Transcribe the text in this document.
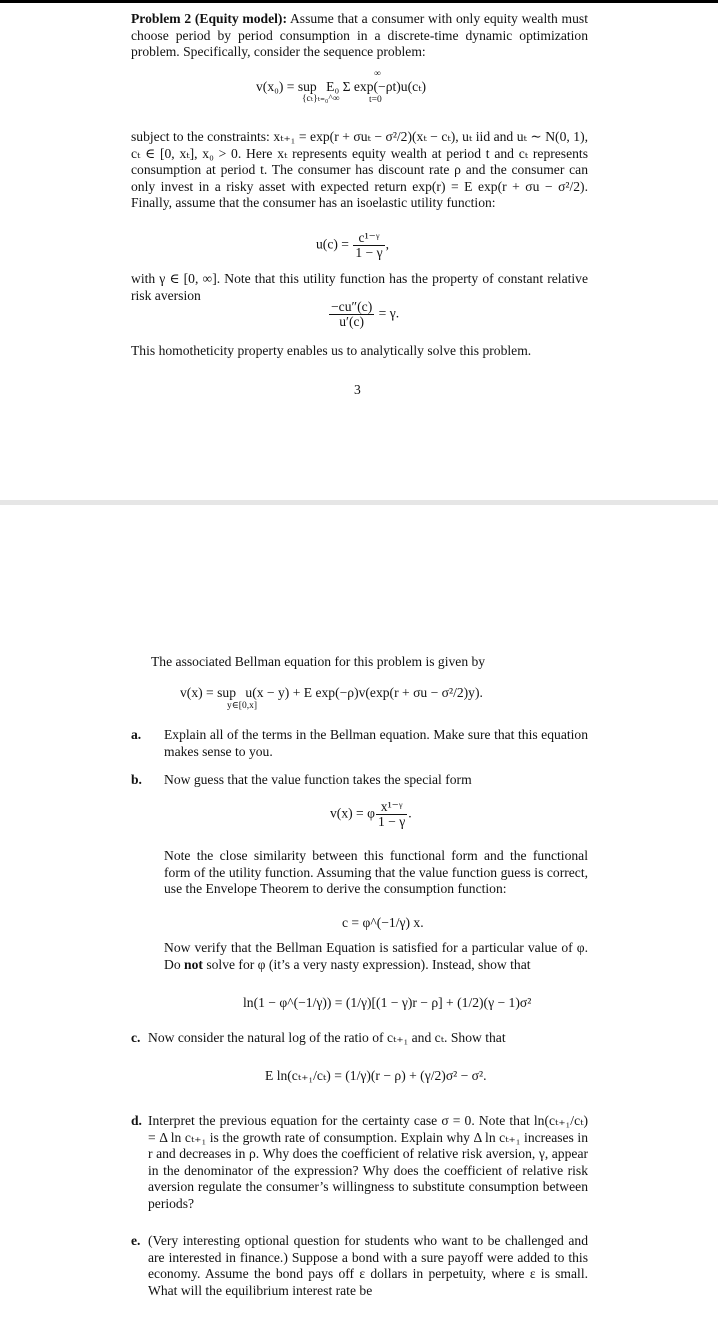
Problem 2 (Equity model): Assume that a consumer with only equity wealth must choose period by period consumption in a discrete-time dynamic optimization problem. Specifically, consider the sequence problem:
v(x₀) = sup
{cₜ}ₜ₌₀^∞
E₀ Σ exp(−ρt)u(cₜ)
∞
t=0
subject to the constraints: xₜ₊₁ = exp(r + σuₜ − σ²/2)(xₜ − cₜ), uₜ iid and uₜ ∼ N(0, 1), cₜ ∈ [0, xₜ], x₀ > 0. Here xₜ represents equity wealth at period t and cₜ represents consumption at period t. The consumer has discount rate ρ and the consumer can only invest in a risky asset with expected return exp(r) = E exp(r + σu − σ²/2). Finally, assume that the consumer has an isoelastic utility function:
$u(c) = \frac{\text{c¹⁻ᵞ}}{1 - \gamma}$ ,
with γ ∈ [0, ∞]. Note that this utility function has the property of constant relative risk aversion
$\frac{-cu''(c)}{u'(c)} = \gamma$.
This homotheticity property enables us to analytically solve this problem.
3
The associated Bellman equation for this problem is given by
v(x) = sup
y∈[0,x]
u(x − y) + E exp(−ρ)v(exp(r + σu − σ²/2)y).
a.	Explain all of the terms in the Bellman equation. Make sure that this equation makes sense to you.
b.	Now guess that the value function takes the special form
v(x) = φ $\frac{\text{x¹⁻ᵞ}}{1 - \gamma}$ .
Note the close similarity between this functional form and the functional form of the utility function. Assuming that the value function guess is correct, use the Envelope Theorem to derive the consumption function:
c = φ^(−1/γ) x.
Now verify that the Bellman Equation is satisfied for a particular value of φ. Do not solve for φ (it’s a very nasty expression). Instead, show that
ln(1 − φ^(−1/γ)) = (1/γ)[(1 − γ)r − ρ] + (1/2)(γ − 1)σ²
c. Now consider the natural log of the ratio of cₜ₊₁ and cₜ. Show that
E ln(cₜ₊₁/cₜ) = (1/γ)(r − ρ) + (γ/2)σ² − σ².
d. Interpret the previous equation for the certainty case σ = 0. Note that ln(cₜ₊₁/cₜ) = Δ ln cₜ₊₁ is the growth rate of consumption. Explain why Δ ln cₜ₊₁ increases in r and decreases in ρ. Why does the coefficient of relative risk aversion, γ, appear in the denominator of the expression? Why does the coefficient of relative risk aversion regulate the consumer’s willingness to substitute consumption between periods?
e. (Very interesting optional question for students who want to be challenged and are interested in finance.) Suppose a bond with a sure payoff were added to this economy. Assume the bond pays off ε dollars in perpetuity, where ε is small. What will the equilibrium interest rate be
